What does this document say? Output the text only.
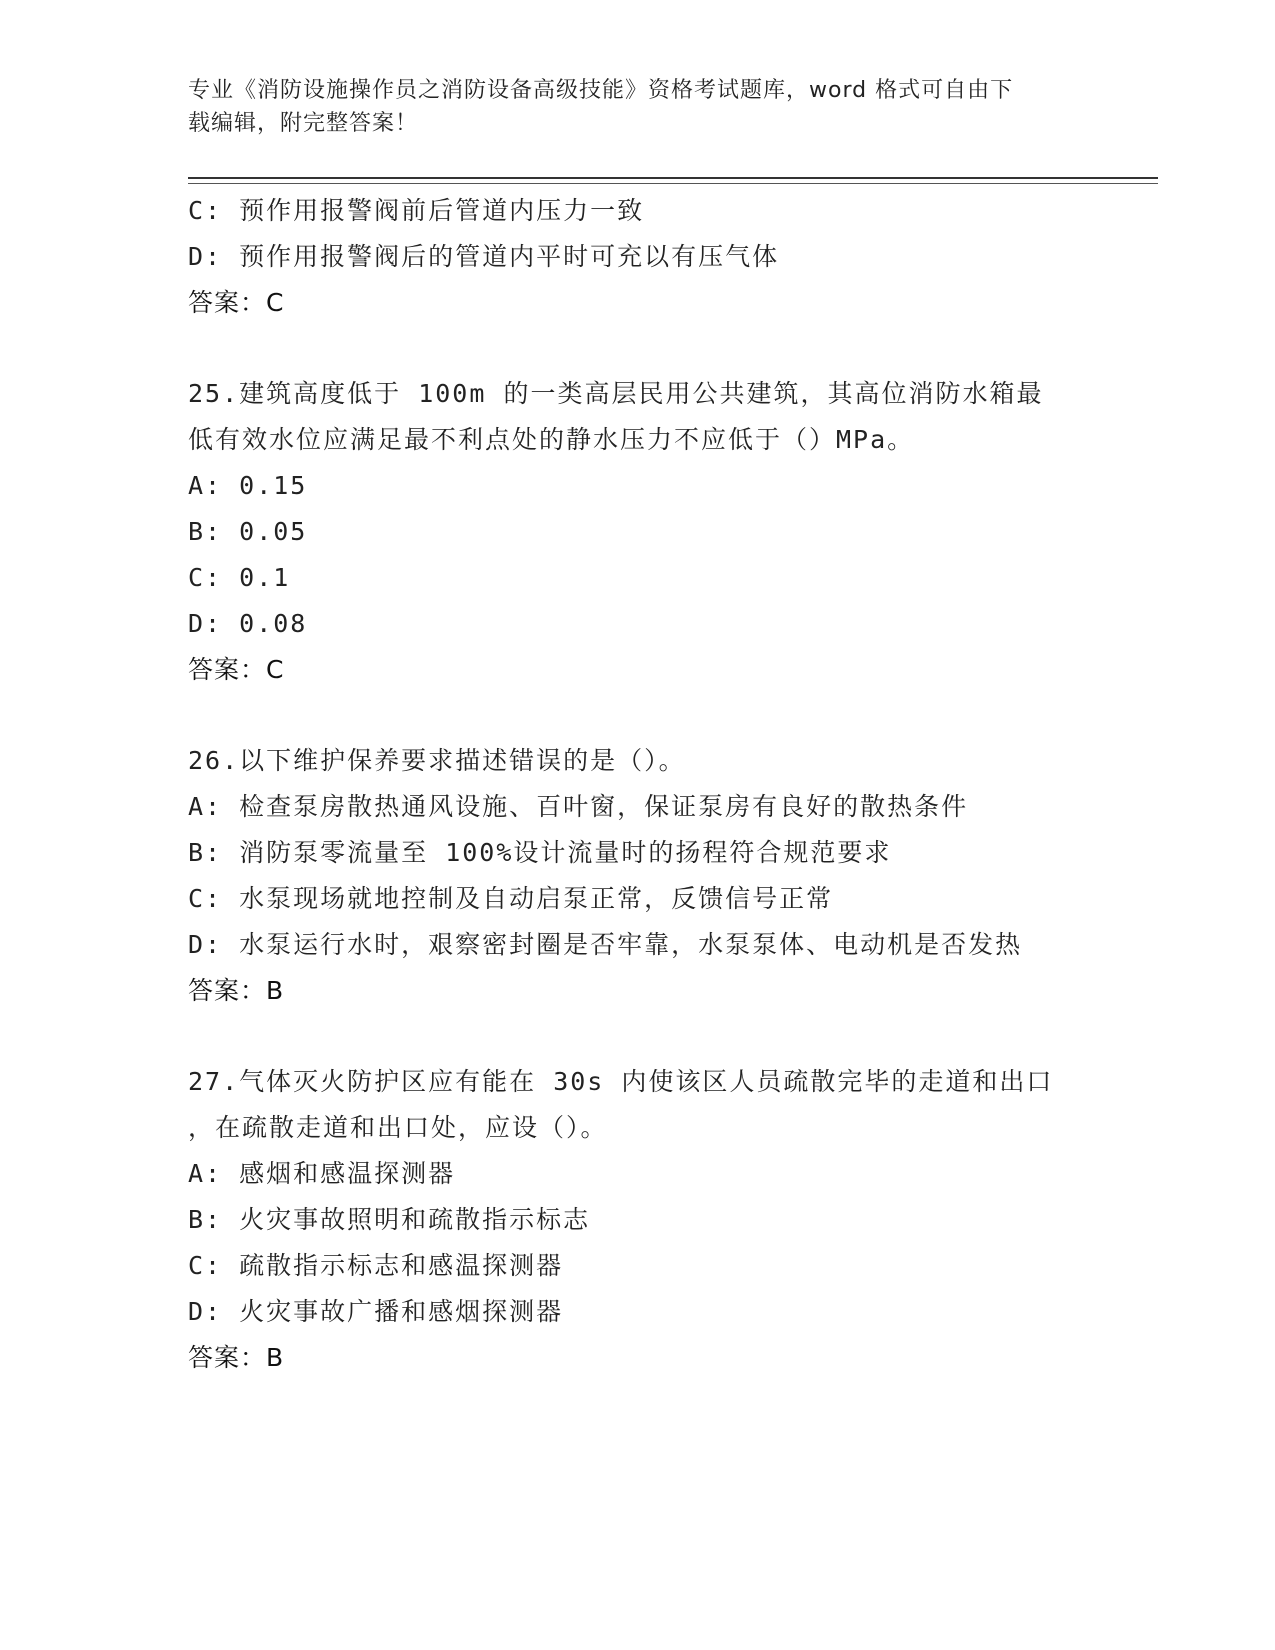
专业《消防设施操作员之消防设备高级技能》资格考试题库，word 格式可自由下
载编辑，附完整答案！
C: 预作用报警阀前后管道内压力一致
D: 预作用报警阀后的管道内平时可充以有压气体
答案：C
25.建筑高度低于 100m 的一类高层民用公共建筑，其高位消防水箱最
低有效水位应满足最不利点处的静水压力不应低于（）MPa。
A: 0.15
B: 0.05
C: 0.1
D: 0.08
答案：C
26.以下维护保养要求描述错误的是（）。
A: 检查泵房散热通风设施、百叶窗，保证泵房有良好的散热条件
B: 消防泵零流量至 100%设计流量时的扬程符合规范要求
C: 水泵现场就地控制及自动启泵正常，反馈信号正常
D: 水泵运行水时，艰察密封圈是否牢靠，水泵泵体、电动机是否发热
答案：B
27.气体灭火防护区应有能在 30s 内使该区人员疏散完毕的走道和出口
，在疏散走道和出口处，应设（）。
A: 感烟和感温探测器
B: 火灾事故照明和疏散指示标志
C: 疏散指示标志和感温探测器
D: 火灾事故广播和感烟探测器
答案：B
